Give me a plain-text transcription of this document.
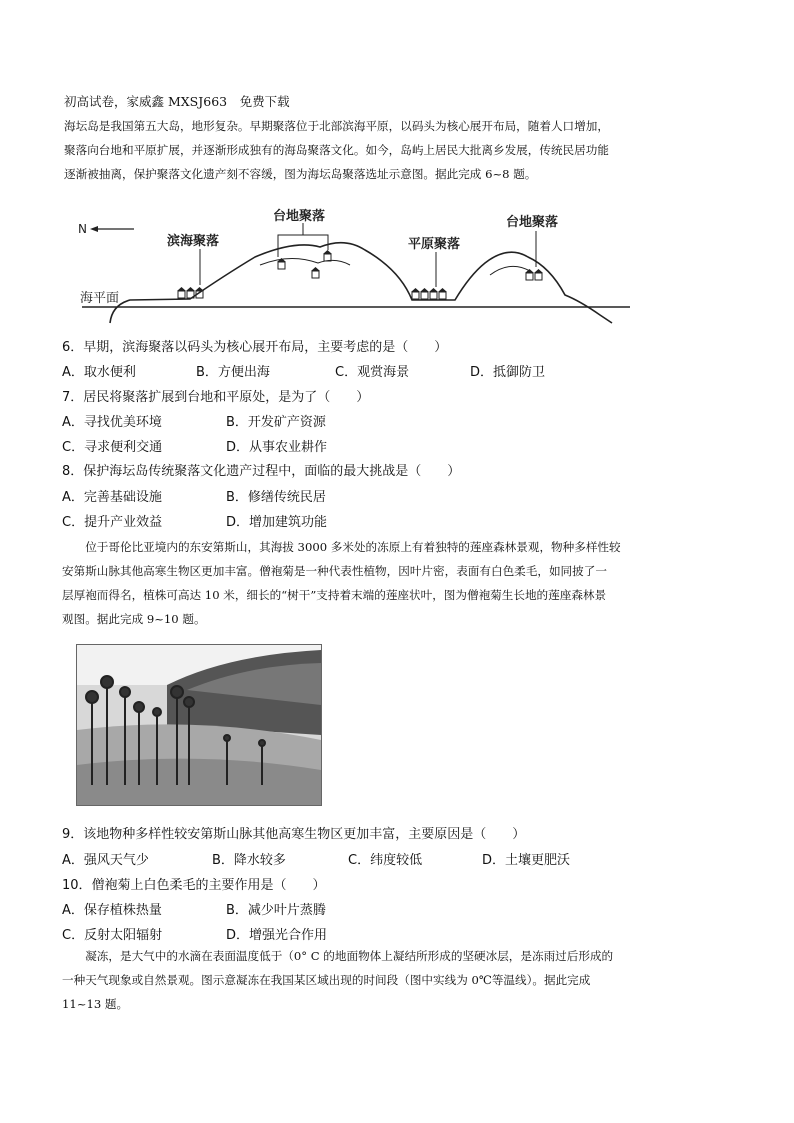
初高试卷，家威鑫 MXSJ663　免费下载
海坛岛是我国第五大岛，地形复杂。早期聚落位于北部滨海平原，以码头为核心展开布局，随着人口增加，
聚落向台地和平原扩展，并逐渐形成独有的海岛聚落文化。如今，岛屿上居民大批离乡发展，传统民居功能
逐渐被抽离，保护聚落文化遗产刻不容缓，图为海坛岛聚落选址示意图。据此完成 6~8 题。
N
海平面
滨海聚落
台地聚落
平原聚落
台地聚落
6．早期，滨海聚落以码头为核心展开布局，主要考虑的是（　　）
A．取水便利	B．方便出海	C．观赏海景	D．抵御防卫
7．居民将聚落扩展到台地和平原处，是为了（　　）
A．寻找优美环境	B．开发矿产资源
C．寻求便利交通	D．从事农业耕作
8．保护海坛岛传统聚落文化遗产过程中，面临的最大挑战是（　　）
A．完善基础设施	B．修缮传统民居
C．提升产业效益	D．增加建筑功能
　　位于哥伦比亚境内的东安第斯山，其海拔 3000 多米处的冻原上有着独特的莲座森林景观，物种多样性较
安第斯山脉其他高寒生物区更加丰富。僧袍菊是一种代表性植物，因叶片密，表面有白色柔毛，如同披了一
层厚袍而得名，植株可高达 10 米，细长的“树干”支持着末端的莲座状叶，图为僧袍菊生长地的莲座森林景
观图。据此完成 9~10 题。
9．该地物种多样性较安第斯山脉其他高寒生物区更加丰富，主要原因是（　　）
A．强风天气少	B．降水较多	C．纬度较低	D．土壤更肥沃
10．僧袍菊上白色柔毛的主要作用是（　　）
A．保存植株热量	B．减少叶片蒸腾
C．反射太阳辐射	D．增强光合作用
　　凝冻，是大气中的水滴在表面温度低于（0° C 的地面物体上凝结所形成的坚硬冰层，是冻雨过后形成的
一种天气现象或自然景观。图示意凝冻在我国某区域出现的时间段（图中实线为 0℃等温线）。据此完成
11~13 题。
